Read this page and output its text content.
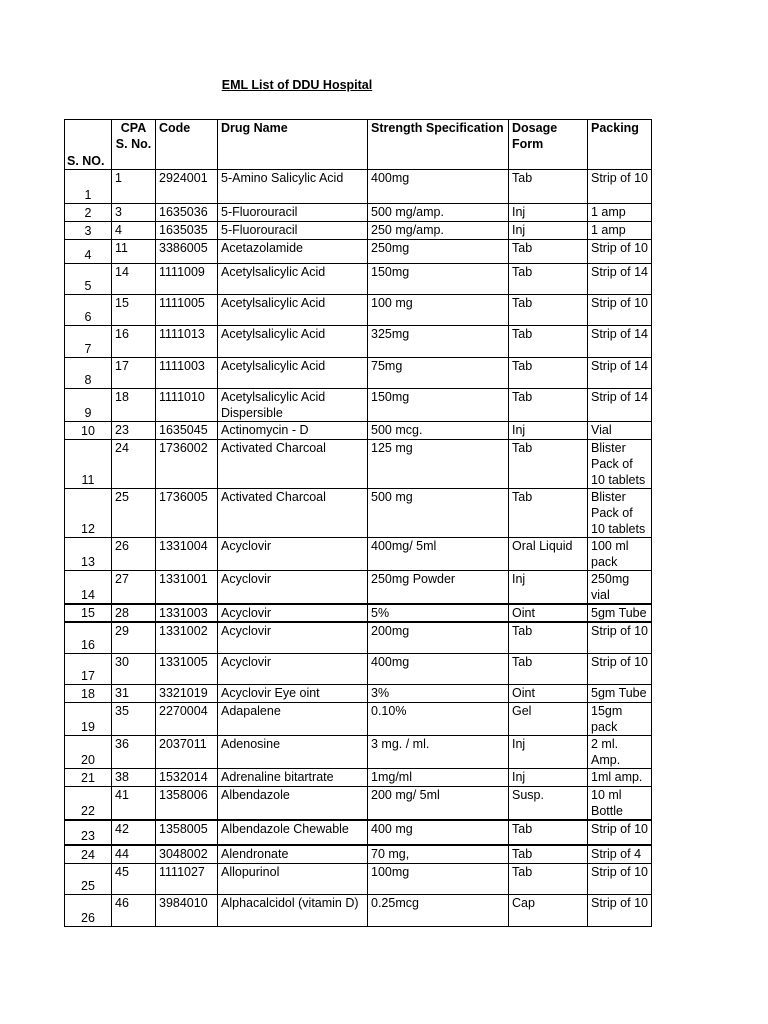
EML List of DDU Hospital
S. NO.	CPA S. No.	Code	Drug Name	Strength Specification	Dosage Form	Packing
1	1	2924001	5-Amino Salicylic Acid	400mg	Tab	Strip of 10
2	3	1635036	5-Fluorouracil	500 mg/amp.	Inj	1 amp
3	4	1635035	5-Fluorouracil	250 mg/amp.	Inj	1 amp
4	11	3386005	Acetazolamide	250mg	Tab	Strip of 10
5	14	1111009	Acetylsalicylic Acid	150mg	Tab	Strip of 14
6	15	1111005	Acetylsalicylic Acid	100 mg	Tab	Strip of 10
7	16	1111013	Acetylsalicylic Acid	325mg	Tab	Strip of 14
8	17	1111003	Acetylsalicylic Acid	75mg	Tab	Strip of 14
9	18	1111010	Acetylsalicylic Acid Dispersible	150mg	Tab	Strip of 14
10	23	1635045	Actinomycin - D	500 mcg.	Inj	Vial
11	24	1736002	Activated Charcoal	125 mg	Tab	Blister Pack of 10 tablets
12	25	1736005	Activated Charcoal	500 mg	Tab	Blister Pack of 10 tablets
13	26	1331004	Acyclovir	400mg/ 5ml	Oral Liquid	100 ml pack
14	27	1331001	Acyclovir	250mg Powder	Inj	250mg vial
15	28	1331003	Acyclovir	5%	Oint	5gm Tube
16	29	1331002	Acyclovir	200mg	Tab	Strip of 10
17	30	1331005	Acyclovir	400mg	Tab	Strip of 10
18	31	3321019	Acyclovir Eye oint	3%	Oint	5gm Tube
19	35	2270004	Adapalene	0.10%	Gel	15gm pack
20	36	2037011	Adenosine	3 mg. / ml.	Inj	2 ml. Amp.
21	38	1532014	Adrenaline bitartrate	1mg/ml	Inj	1ml amp.
22	41	1358006	Albendazole	200 mg/ 5ml	Susp.	10 ml Bottle
23	42	1358005	Albendazole Chewable	400 mg	Tab	Strip of 10
24	44	3048002	Alendronate	70 mg,	Tab	Strip of 4
25	45	1111027	Allopurinol	100mg	Tab	Strip of 10
26	46	3984010	Alphacalcidol (vitamin D)	0.25mcg	Cap	Strip of 10
